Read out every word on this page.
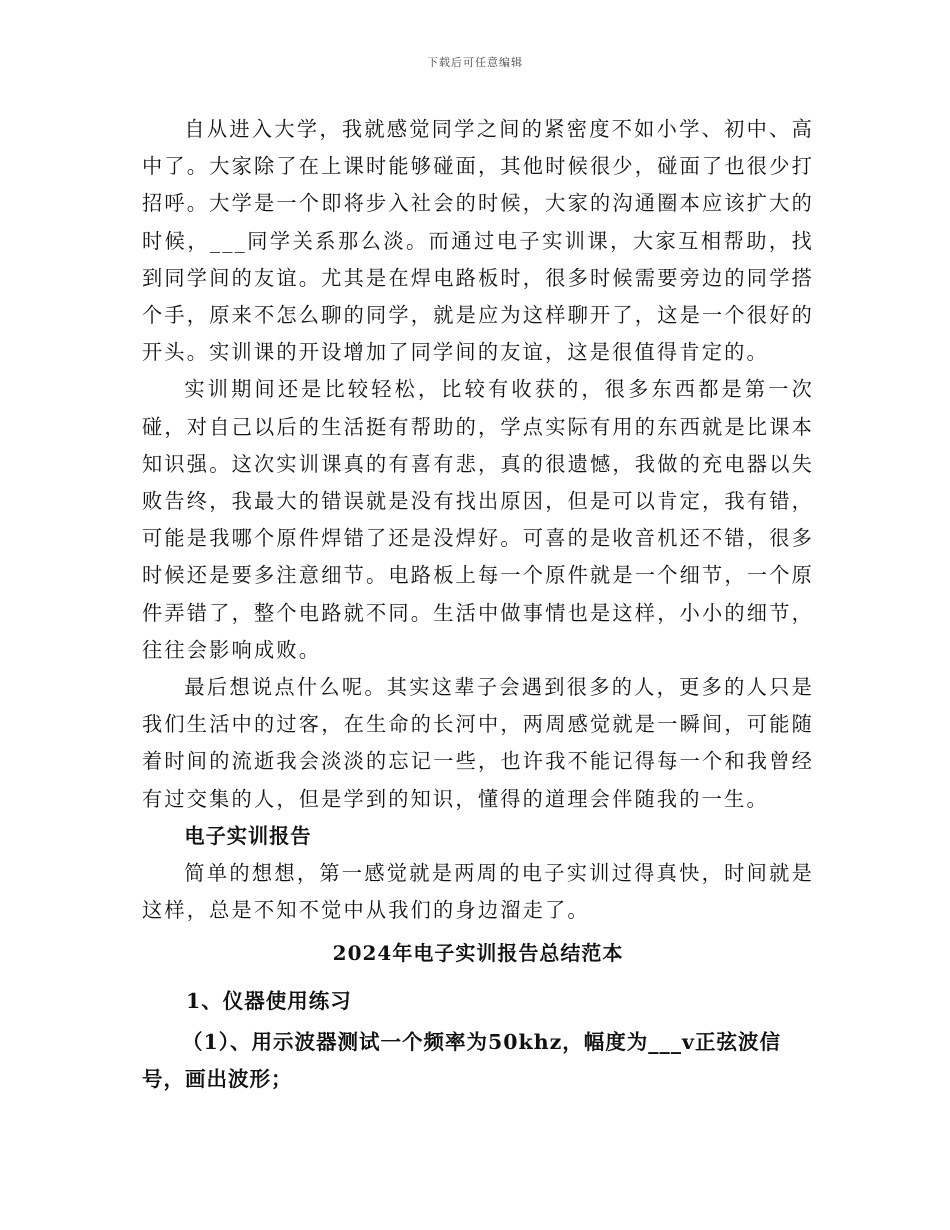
下载后可任意编辑

自从进入大学，我就感觉同学之间的紧密度不如小学、初中、高中了。大家除了在上课时能够碰面，其他时候很少，碰面了也很少打招呼。大学是一个即将步入社会的时候，大家的沟通圈本应该扩大的时候，___同学关系那么淡。而通过电子实训课，大家互相帮助，找到同学间的友谊。尤其是在焊电路板时，很多时候需要旁边的同学搭个手，原来不怎么聊的同学，就是应为这样聊开了，这是一个很好的开头。实训课的开设增加了同学间的友谊，这是很值得肯定的。

实训期间还是比较轻松，比较有收获的，很多东西都是第一次碰，对自己以后的生活挺有帮助的，学点实际有用的东西就是比课本知识强。这次实训课真的有喜有悲，真的很遗憾，我做的充电器以失败告终，我最大的错误就是没有找出原因，但是可以肯定，我有错，可能是我哪个原件焊错了还是没焊好。可喜的是收音机还不错，很多时候还是要多注意细节。电路板上每一个原件就是一个细节，一个原件弄错了，整个电路就不同。生活中做事情也是这样，小小的细节，往往会影响成败。

最后想说点什么呢。其实这辈子会遇到很多的人，更多的人只是我们生活中的过客，在生命的长河中，两周感觉就是一瞬间，可能随着时间的流逝我会淡淡的忘记一些，也许我不能记得每一个和我曾经有过交集的人，但是学到的知识，懂得的道理会伴随我的一生。

电子实训报告

简单的想想，第一感觉就是两周的电子实训过得真快，时间就是这样，总是不知不觉中从我们的身边溜走了。

2024年电子实训报告总结范本

1、仪器使用练习

（1）、用示波器测试一个频率为50khz，幅度为___v正弦波信号，画出波形；
